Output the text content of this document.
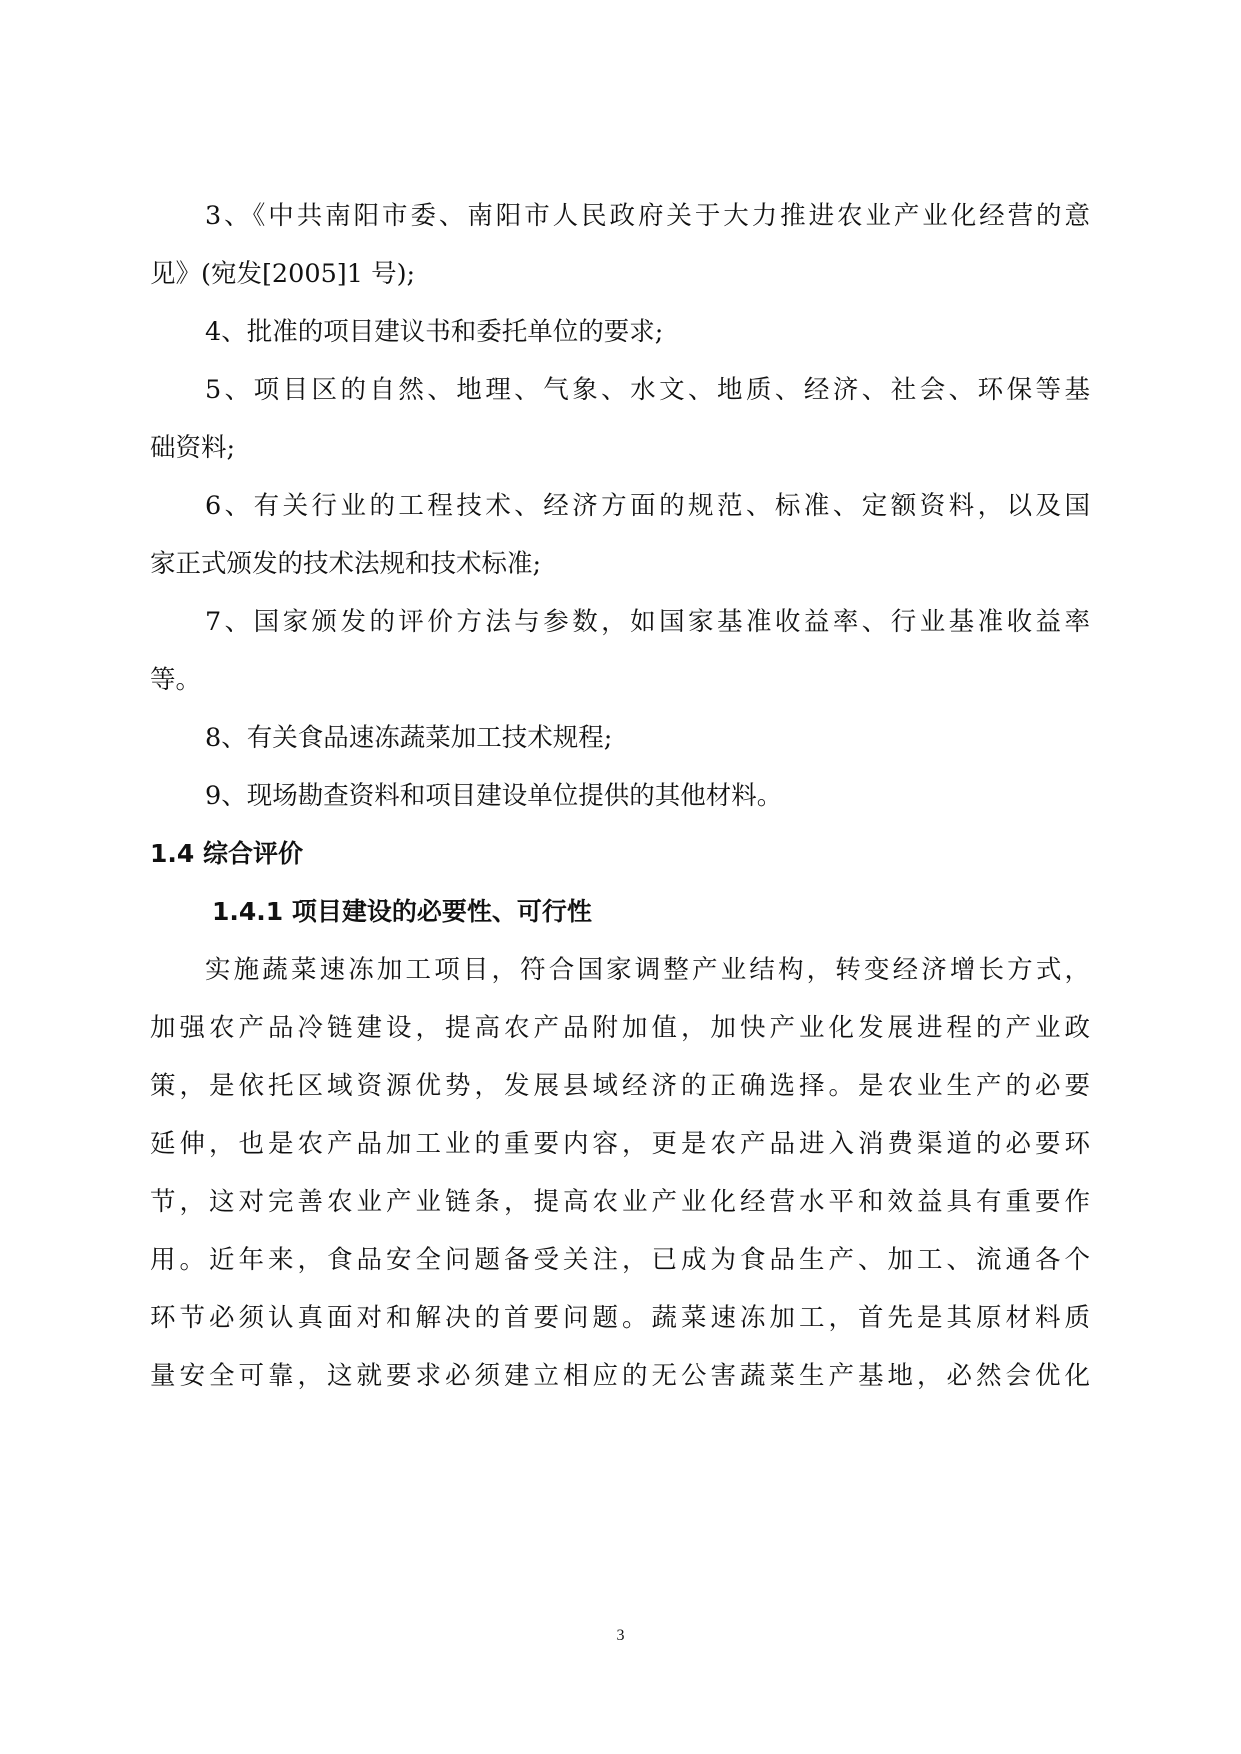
3、《中共南阳市委、南阳市人民政府关于大力推进农业产业化经营的意
见》(宛发[2005]1 号);
4、批准的项目建议书和委托单位的要求;
5、项目区的自然、地理、气象、水文、地质、经济、社会、环保等基
础资料;
6、有关行业的工程技术、经济方面的规范、标准、定额资料，以及国
家正式颁发的技术法规和技术标准;
7、国家颁发的评价方法与参数，如国家基准收益率、行业基准收益率
等。
8、有关食品速冻蔬菜加工技术规程;
9、现场勘查资料和项目建设单位提供的其他材料。
1.4 综合评价
1.4.1 项目建设的必要性、可行性
实施蔬菜速冻加工项目，符合国家调整产业结构，转变经济增长方式，
加强农产品冷链建设，提高农产品附加值，加快产业化发展进程的产业政
策，是依托区域资源优势，发展县域经济的正确选择。是农业生产的必要
延伸，也是农产品加工业的重要内容，更是农产品进入消费渠道的必要环
节，这对完善农业产业链条，提高农业产业化经营水平和效益具有重要作
用。近年来，食品安全问题备受关注，已成为食品生产、加工、流通各个
环节必须认真面对和解决的首要问题。蔬菜速冻加工，首先是其原材料质
量安全可靠，这就要求必须建立相应的无公害蔬菜生产基地，必然会优化
3
